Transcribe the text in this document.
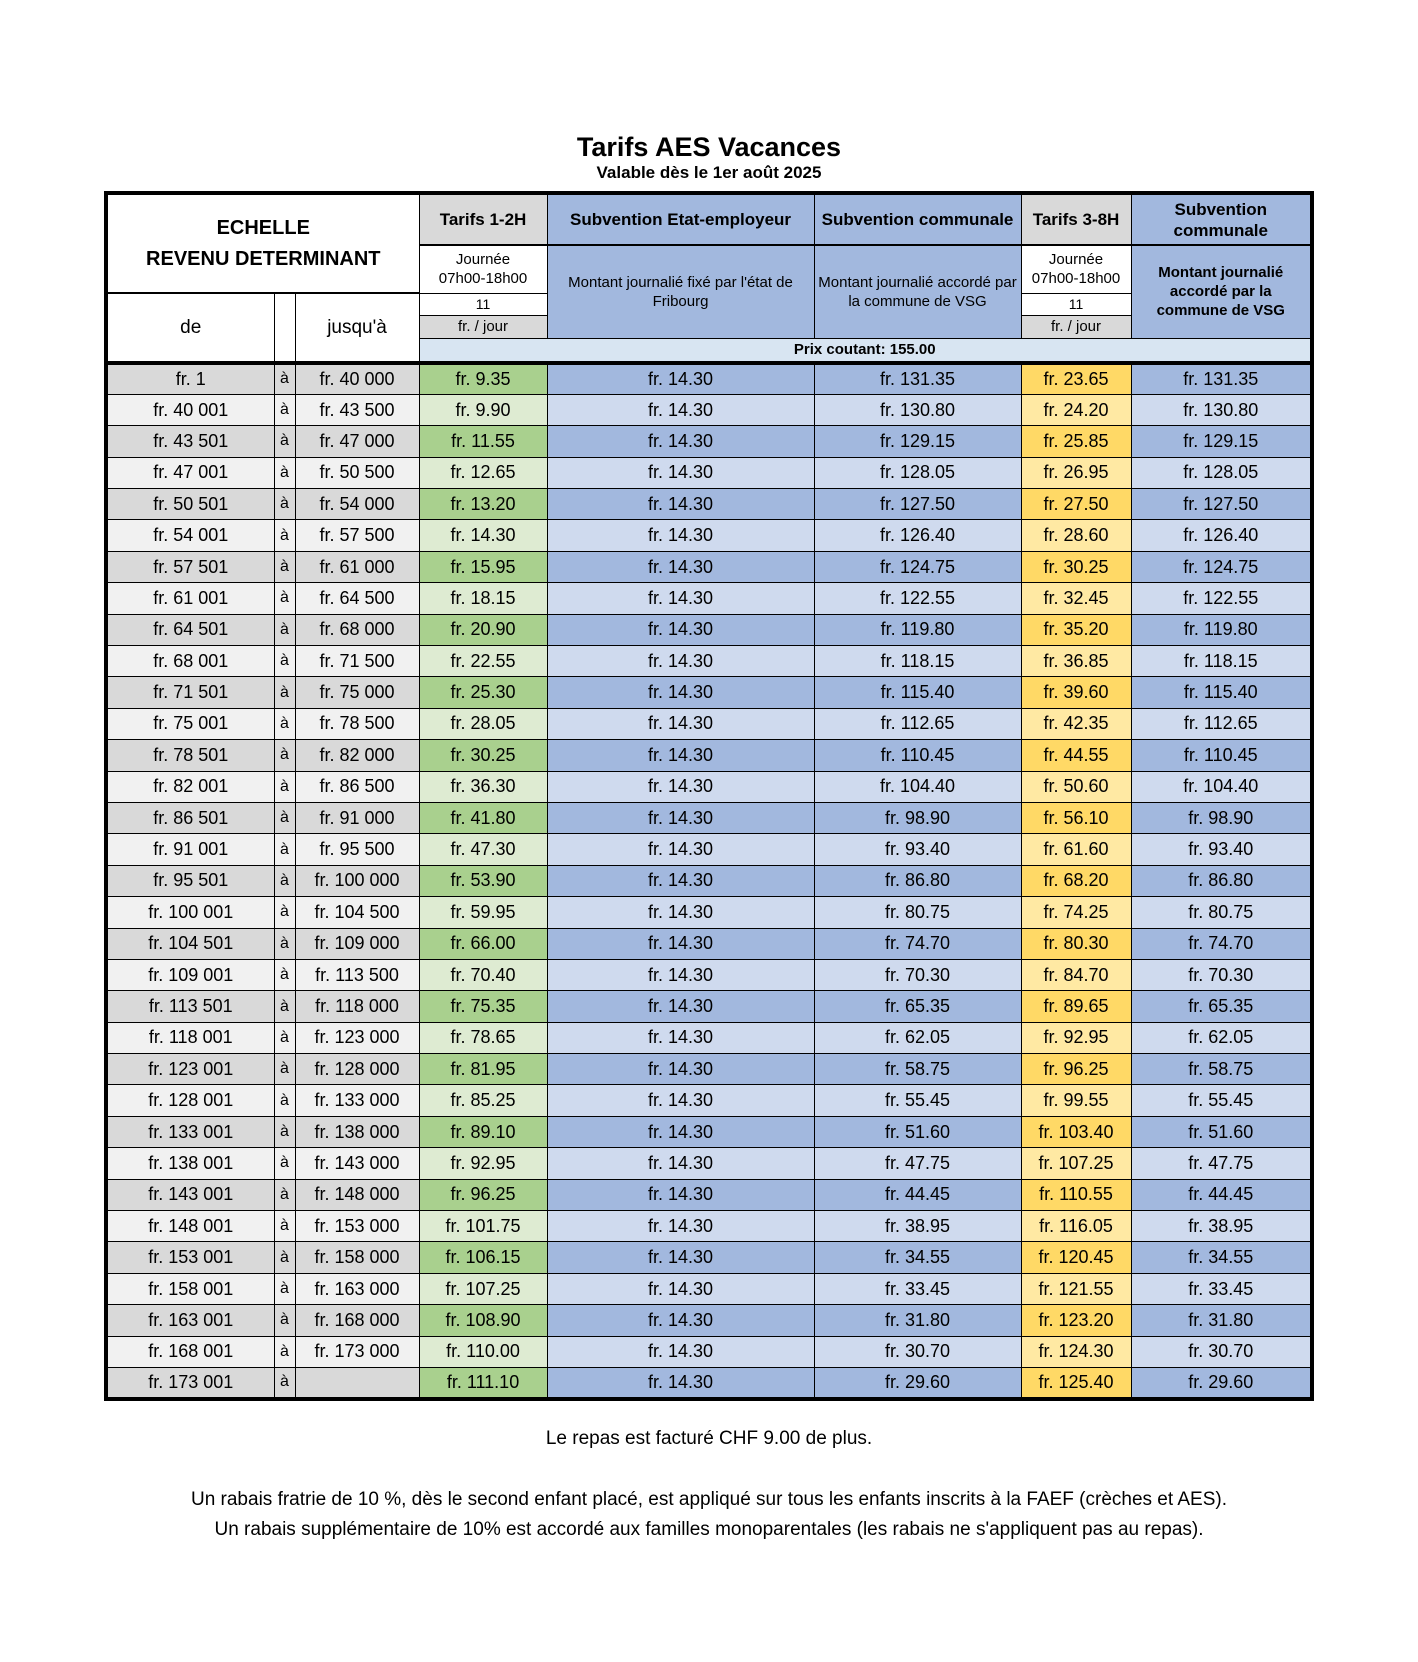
Tarifs AES Vacances
Valable dès le 1er août 2025
ECHELLE
REVENU DETERMINANT			Tarifs 1-2H	Subvention Etat-employeur	Subvention communale	Tarifs 3-8H	Subvention communale

Journée
07h00-18h00	Montant journalié fixé par l'état de Fribourg	Montant journalié accordé par la commune de VSG	
Journée
07h00-18h00	Montant journalié accordé par la commune de VSG
de		jusqu'à	11			11	
			fr. / jour			fr. / jour	
			Prix coutant: 155.00				
fr. 1	à	fr. 40 000	fr. 9.35	fr. 14.30	fr. 131.35	fr. 23.65	fr. 131.35
fr. 40 001	à	fr. 43 500	fr. 9.90	fr. 14.30	fr. 130.80	fr. 24.20	fr. 130.80
fr. 43 501	à	fr. 47 000	fr. 11.55	fr. 14.30	fr. 129.15	fr. 25.85	fr. 129.15
fr. 47 001	à	fr. 50 500	fr. 12.65	fr. 14.30	fr. 128.05	fr. 26.95	fr. 128.05
fr. 50 501	à	fr. 54 000	fr. 13.20	fr. 14.30	fr. 127.50	fr. 27.50	fr. 127.50
fr. 54 001	à	fr. 57 500	fr. 14.30	fr. 14.30	fr. 126.40	fr. 28.60	fr. 126.40
fr. 57 501	à	fr. 61 000	fr. 15.95	fr. 14.30	fr. 124.75	fr. 30.25	fr. 124.75
fr. 61 001	à	fr. 64 500	fr. 18.15	fr. 14.30	fr. 122.55	fr. 32.45	fr. 122.55
fr. 64 501	à	fr. 68 000	fr. 20.90	fr. 14.30	fr. 119.80	fr. 35.20	fr. 119.80
fr. 68 001	à	fr. 71 500	fr. 22.55	fr. 14.30	fr. 118.15	fr. 36.85	fr. 118.15
fr. 71 501	à	fr. 75 000	fr. 25.30	fr. 14.30	fr. 115.40	fr. 39.60	fr. 115.40
fr. 75 001	à	fr. 78 500	fr. 28.05	fr. 14.30	fr. 112.65	fr. 42.35	fr. 112.65
fr. 78 501	à	fr. 82 000	fr. 30.25	fr. 14.30	fr. 110.45	fr. 44.55	fr. 110.45
fr. 82 001	à	fr. 86 500	fr. 36.30	fr. 14.30	fr. 104.40	fr. 50.60	fr. 104.40
fr. 86 501	à	fr. 91 000	fr. 41.80	fr. 14.30	fr. 98.90	fr. 56.10	fr. 98.90
fr. 91 001	à	fr. 95 500	fr. 47.30	fr. 14.30	fr. 93.40	fr. 61.60	fr. 93.40
fr. 95 501	à	fr. 100 000	fr. 53.90	fr. 14.30	fr. 86.80	fr. 68.20	fr. 86.80
fr. 100 001	à	fr. 104 500	fr. 59.95	fr. 14.30	fr. 80.75	fr. 74.25	fr. 80.75
fr. 104 501	à	fr. 109 000	fr. 66.00	fr. 14.30	fr. 74.70	fr. 80.30	fr. 74.70
fr. 109 001	à	fr. 113 500	fr. 70.40	fr. 14.30	fr. 70.30	fr. 84.70	fr. 70.30
fr. 113 501	à	fr. 118 000	fr. 75.35	fr. 14.30	fr. 65.35	fr. 89.65	fr. 65.35
fr. 118 001	à	fr. 123 000	fr. 78.65	fr. 14.30	fr. 62.05	fr. 92.95	fr. 62.05
fr. 123 001	à	fr. 128 000	fr. 81.95	fr. 14.30	fr. 58.75	fr. 96.25	fr. 58.75
fr. 128 001	à	fr. 133 000	fr. 85.25	fr. 14.30	fr. 55.45	fr. 99.55	fr. 55.45
fr. 133 001	à	fr. 138 000	fr. 89.10	fr. 14.30	fr. 51.60	fr. 103.40	fr. 51.60
fr. 138 001	à	fr. 143 000	fr. 92.95	fr. 14.30	fr. 47.75	fr. 107.25	fr. 47.75
fr. 143 001	à	fr. 148 000	fr. 96.25	fr. 14.30	fr. 44.45	fr. 110.55	fr. 44.45
fr. 148 001	à	fr. 153 000	fr. 101.75	fr. 14.30	fr. 38.95	fr. 116.05	fr. 38.95
fr. 153 001	à	fr. 158 000	fr. 106.15	fr. 14.30	fr. 34.55	fr. 120.45	fr. 34.55
fr. 158 001	à	fr. 163 000	fr. 107.25	fr. 14.30	fr. 33.45	fr. 121.55	fr. 33.45
fr. 163 001	à	fr. 168 000	fr. 108.90	fr. 14.30	fr. 31.80	fr. 123.20	fr. 31.80
fr. 168 001	à	fr. 173 000	fr. 110.00	fr. 14.30	fr. 30.70	fr. 124.30	fr. 30.70
fr. 173 001	à		fr. 111.10	fr. 14.30	fr. 29.60	fr. 125.40	fr. 29.60
Le repas est facturé CHF 9.00 de plus.
Un rabais fratrie de 10 %, dès le second enfant placé, est appliqué sur tous les enfants inscrits à la FAEF (crèches et AES).
Un rabais supplémentaire de 10% est accordé aux familles monoparentales (les rabais ne s'appliquent pas au repas).
